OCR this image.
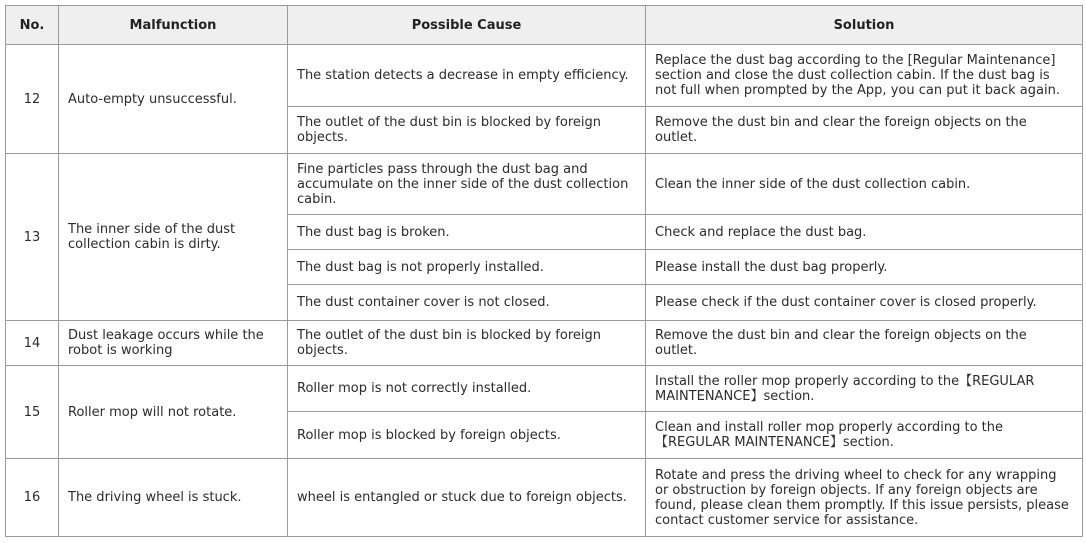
No.	Malfunction	Possible Cause	Solution
12	Auto-empty unsuccessful.	The station detects a decrease in empty efficiency.	Replace the dust bag according to the [Regular Maintenance] section and close the dust collection cabin. If the dust bag is not full when prompted by the App, you can put it back again.
		The outlet of the dust bin is blocked by foreign objects.	Remove the dust bin and clear the foreign objects on the outlet.
13	The inner side of the dust collection cabin is dirty.	Fine particles pass through the dust bag and accumulate on the inner side of the dust collection cabin.	Clean the inner side of the dust collection cabin.
		The dust bag is broken.	Check and replace the dust bag.
		The dust bag is not properly installed.	Please install the dust bag properly.
		The dust container cover is not closed.	Please check if the dust container cover is closed properly.
14	Dust leakage occurs while the robot is working	The outlet of the dust bin is blocked by foreign objects.	Remove the dust bin and clear the foreign objects on the outlet.
15	Roller mop will not rotate.	Roller mop is not correctly installed.	Install the roller mop properly according to the【REGULAR MAINTENANCE】section.
		Roller mop is blocked by foreign objects.	Clean and install roller mop properly according to the【REGULAR MAINTENANCE】section.
16	The driving wheel is stuck.	wheel is entangled or stuck due to foreign objects.	Rotate and press the driving wheel to check for any wrapping or obstruction by foreign objects. If any foreign objects are found, please clean them promptly. If this issue persists, please contact customer service for assistance.
